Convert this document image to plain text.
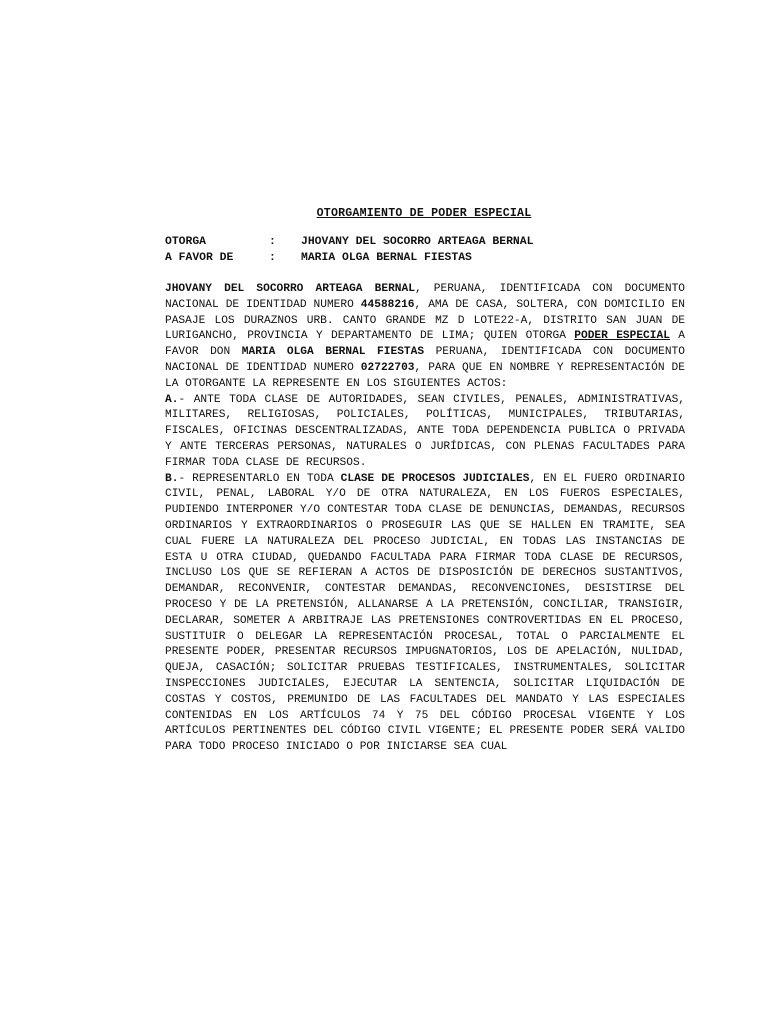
OTORGAMIENTO DE PODER ESPECIAL
OTORGA	:	JHOVANY DEL SOCORRO ARTEAGA BERNAL
A FAVOR DE	:	MARIA OLGA BERNAL FIESTAS

JHOVANY DEL SOCORRO ARTEAGA BERNAL, PERUANA, IDENTIFICADA CON DOCUMENTO NACIONAL DE IDENTIDAD NUMERO 44588216, AMA DE CASA, SOLTERA, CON DOMICILIO EN PASAJE LOS DURAZNOS URB. CANTO GRANDE MZ D LOTE22-A, DISTRITO SAN JUAN DE LURIGANCHO, PROVINCIA Y DEPARTAMENTO DE LIMA; QUIEN OTORGA PODER ESPECIAL A FAVOR DON MARIA OLGA BERNAL FIESTAS PERUANA, IDENTIFICADA CON DOCUMENTO NACIONAL DE IDENTIDAD NUMERO 02722703, PARA QUE EN NOMBRE Y REPRESENTACIÓN DE LA OTORGANTE LA REPRESENTE EN LOS SIGUIENTES ACTOS:

A.- ANTE TODA CLASE DE AUTORIDADES, SEAN CIVILES, PENALES, ADMINISTRATIVAS, MILITARES, RELIGIOSAS, POLICIALES, POLÍTICAS, MUNICIPALES, TRIBUTARIAS, FISCALES, OFICINAS DESCENTRALIZADAS, ANTE TODA DEPENDENCIA PUBLICA O PRIVADA Y ANTE TERCERAS PERSONAS, NATURALES O JURÍDICAS, CON PLENAS FACULTADES PARA FIRMAR TODA CLASE DE RECURSOS.

B.- REPRESENTARLO EN TODA CLASE DE PROCESOS JUDICIALES, EN EL FUERO ORDINARIO CIVIL, PENAL, LABORAL Y/O DE OTRA NATURALEZA, EN LOS FUEROS ESPECIALES, PUDIENDO INTERPONER Y/O CONTESTAR TODA CLASE DE DENUNCIAS, DEMANDAS, RECURSOS ORDINARIOS Y EXTRAORDINARIOS O PROSEGUIR LAS QUE SE HALLEN EN TRAMITE, SEA CUAL FUERE LA NATURALEZA DEL PROCESO JUDICIAL, EN TODAS LAS INSTANCIAS DE ESTA U OTRA CIUDAD, QUEDANDO FACULTADA PARA FIRMAR TODA CLASE DE RECURSOS, INCLUSO LOS QUE SE REFIERAN A ACTOS DE DISPOSICIÓN DE DERECHOS SUSTANTIVOS, DEMANDAR, RECONVENIR, CONTESTAR DEMANDAS, RECONVENCIONES, DESISTIRSE DEL PROCESO Y DE LA PRETENSIÓN, ALLANARSE A LA PRETENSIÓN, CONCILIAR, TRANSIGIR, DECLARAR, SOMETER A ARBITRAJE LAS PRETENSIONES CONTROVERTIDAS EN EL PROCESO, SUSTITUIR O DELEGAR LA REPRESENTACIÓN PROCESAL, TOTAL O PARCIALMENTE EL PRESENTE PODER, PRESENTAR RECURSOS IMPUGNATORIOS, LOS DE APELACIÓN, NULIDAD, QUEJA, CASACIÓN; SOLICITAR PRUEBAS TESTIFICALES, INSTRUMENTALES, SOLICITAR INSPECCIONES JUDICIALES, EJECUTAR LA SENTENCIA, SOLICITAR LIQUIDACIÓN DE COSTAS Y COSTOS, PREMUNIDO DE LAS FACULTADES DEL MANDATO Y LAS ESPECIALES CONTENIDAS EN LOS ARTÍCULOS 74 Y 75 DEL CÓDIGO PROCESAL VIGENTE Y LOS ARTÍCULOS PERTINENTES DEL CÓDIGO CIVIL VIGENTE; EL PRESENTE PODER SERÁ VALIDO PARA TODO PROCESO INICIADO O POR INICIARSE SEA CUAL
